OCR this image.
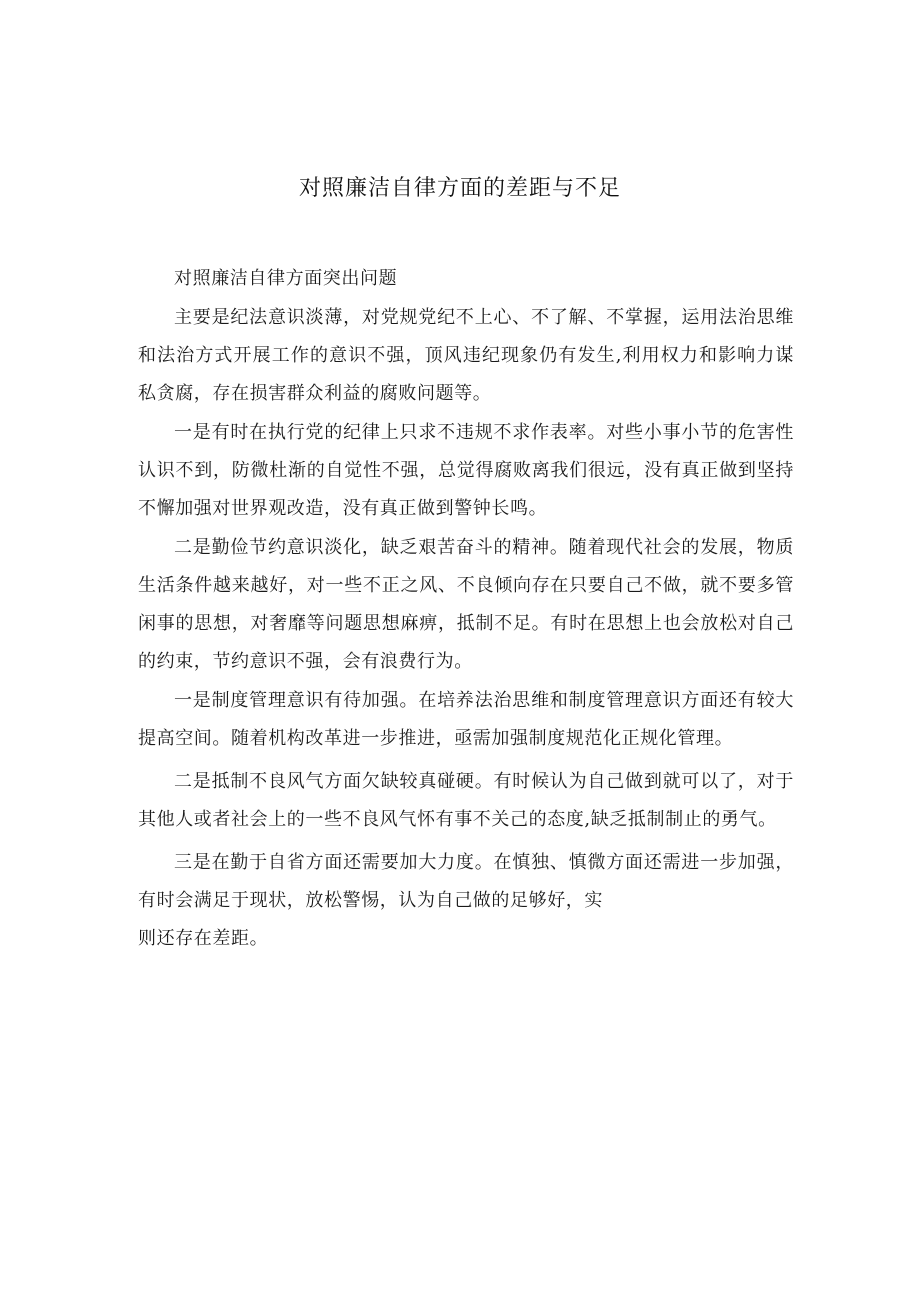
对照廉洁自律方面的差距与不足

对照廉洁自律方面突出问题

主要是纪法意识淡薄，对党规党纪不上心、不了解、不掌握，运用法治思维和法治方式开展工作的意识不强，顶风违纪现象仍有发生,利用权力和影响力谋私贪腐，存在损害群众利益的腐败问题等。

一是有时在执行党的纪律上只求不违规不求作表率。对些小事小节的危害性认识不到，防微杜渐的自觉性不强，总觉得腐败离我们很远，没有真正做到坚持不懈加强对世界观改造，没有真正做到警钟长鸣。

二是勤俭节约意识淡化，缺乏艰苦奋斗的精神。随着现代社会的发展，物质生活条件越来越好，对一些不正之风、不良倾向存在只要自己不做，就不要多管闲事的思想，对奢靡等问题思想麻痹，抵制不足。有时在思想上也会放松对自己的约束，节约意识不强，会有浪费行为。

一是制度管理意识有待加强。在培养法治思维和制度管理意识方面还有较大提高空间。随着机构改革进一步推进，亟需加强制度规范化正规化管理。

二是抵制不良风气方面欠缺较真碰硬。有时候认为自己做到就可以了，对于其他人或者社会上的一些不良风气怀有事不关己的态度,缺乏抵制制止的勇气。

三是在勤于自省方面还需要加大力度。在慎独、慎微方面还需进一步加强，有时会满足于现状，放松警惕，认为自己做的足够好，实
则还存在差距。
